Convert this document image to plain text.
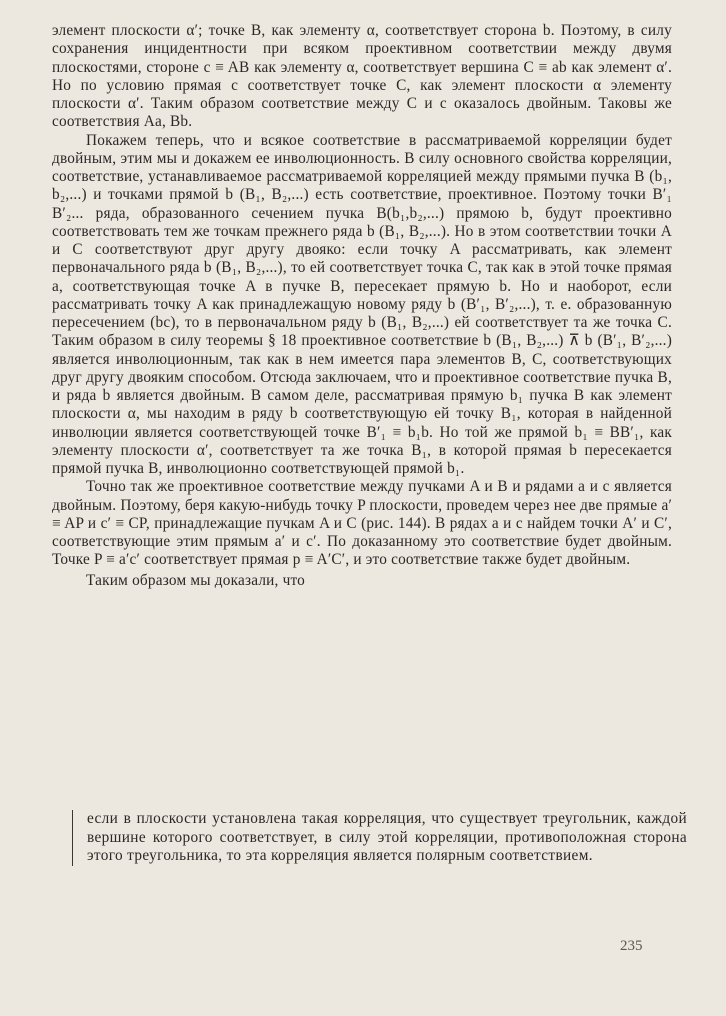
элемент плоскости α′; точке B, как элементу α, соответствует сторона b. Поэтому, в силу сохранения инцидентности при всяком проективном соответствии между двумя плоскостями, стороне c ≡ AB как элементу α, соответствует вершина C ≡ ab как элемент α′. Но по условию прямая c соответствует точке C, как элемент плоскости α элементу плоскости α′. Таким образом соответствие между C и c оказалось двойным. Таковы же соответствия Aa, Bb.

Покажем теперь, что и всякое соответствие в рассматриваемой корреляции будет двойным, этим мы и докажем ее инволюционность. В силу основного свойства корреляции, соответствие, устанавливаемое рассматриваемой корреляцией между прямыми пучка B (b₁, b₂,...) и точками прямой b (B₁, B₂,...) есть соответствие, проективное. Поэтому точки B′₁ B′₂... ряда, образованного сечением пучка B(b₁,b₂,...) прямою b, будут проективно соответствовать тем же точкам прежнего ряда b (B₁, B₂,...). Но в этом соответствии точки A и C соответствуют друг другу двояко: если точку A рассматривать, как элемент первоначального ряда b (B₁, B₂,...), то ей соответствует точка C, так как в этой точке прямая a, соответствующая точке A в пучке B, пересекает прямую b. Но и наоборот, если рассматривать точку A как принадлежащую новому ряду b (B′₁, B′₂,...), т. е. образованную пересечением (bc), то в первоначальном ряду b (B₁, B₂,...) ей соответствует та же точка C. Таким образом в силу теоремы § 18 проективное соответствие b (B₁, B₂,...) ⊼ b (B′₁, B′₂,...) является инволюционным, так как в нем имеется пара элементов B, C, соответствующих друг другу двояким способом. Отсюда заключаем, что и проективное соответствие пучка B, и ряда b является двойным. В самом деле, рассматривая прямую b₁ пучка B как элемент плоскости α, мы находим в ряду b соответствующую ей точку B₁, которая в найденной инволюции является соответствующей точке B′₁ ≡ b₁b. Но той же прямой b₁ ≡ BB′₁, как элементу плоскости α′, соответствует та же точка B₁, в которой прямая b пересекается прямой пучка B, инволюционно соответствующей прямой b₁.

Точно так же проективное соответствие между пучками A и B и рядами a и c является двойным. Поэтому, беря какую-нибудь точку P плоскости, проведем через нее две прямые a′ ≡ AP и c′ ≡ CP, принадлежащие пучкам A и C (рис. 144). В рядах a и c найдем точки A′ и C′, соответствующие этим прямым a′ и c′. По доказанному это соответствие будет двойным. Точке P ≡ a′c′ соответствует прямая p ≡ A′C′, и это соответствие также будет двойным.

Таким образом мы доказали, что

если в плоскости установлена такая корреляция, что существует треугольник, каждой вершине которого соответствует, в силу этой корреляции, противоположная сторона этого треугольника, то эта корреляция является полярным соответствием.
235
